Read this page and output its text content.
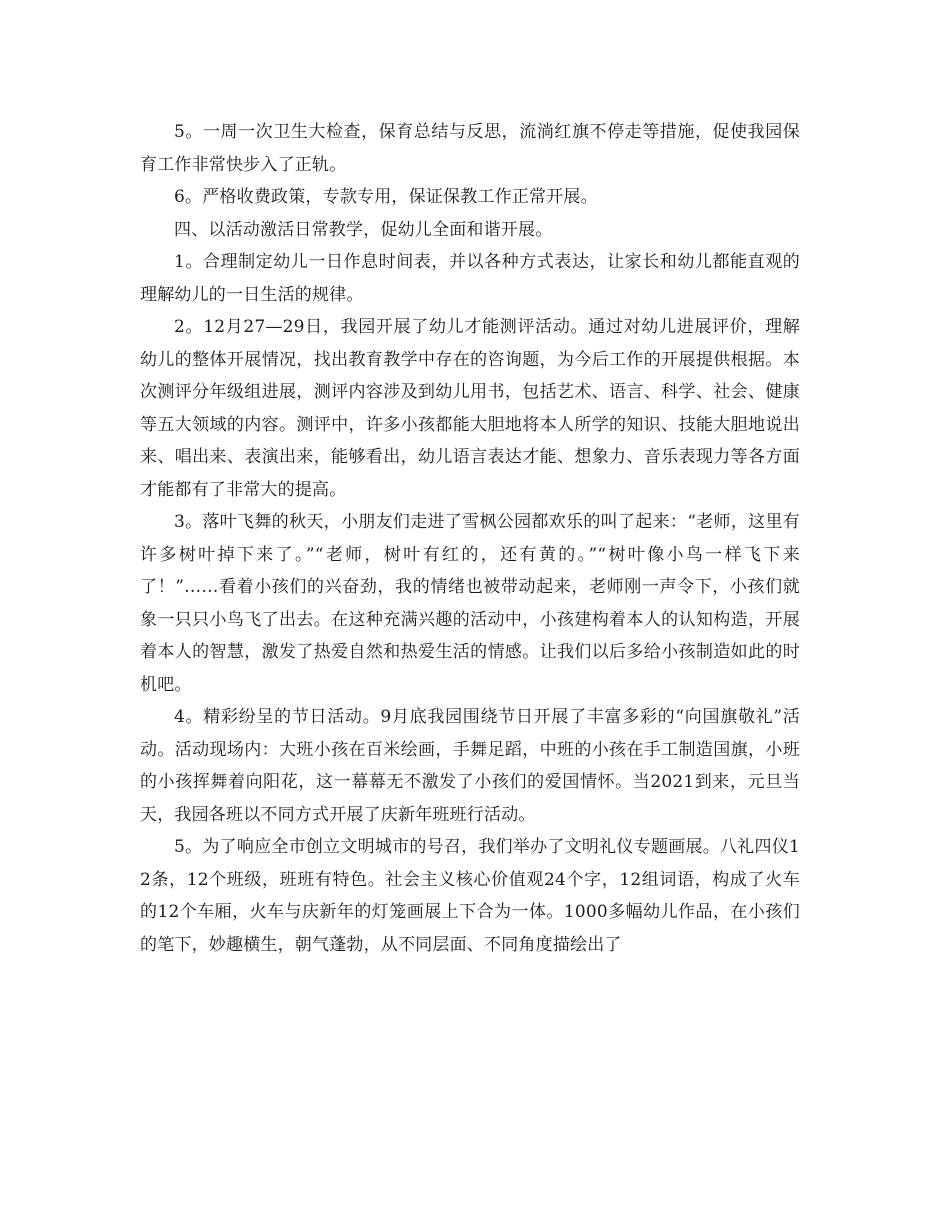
5。一周一次卫生大检查，保育总结与反思，流淌红旗不停走等措施，促使我园保育工作非常快步入了正轨。

6。严格收费政策，专款专用，保证保教工作正常开展。

四、以活动激活日常教学，促幼儿全面和谐开展。

1。合理制定幼儿一日作息时间表，并以各种方式表达，让家长和幼儿都能直观的理解幼儿的一日生活的规律。

2。12月27—29日，我园开展了幼儿才能测评活动。通过对幼儿进展评价，理解幼儿的整体开展情况，找出教育教学中存在的咨询题，为今后工作的开展提供根据。本次测评分年级组进展，测评内容涉及到幼儿用书，包括艺术、语言、科学、社会、健康等五大领域的内容。测评中，许多小孩都能大胆地将本人所学的知识、技能大胆地说出来、唱出来、表演出来，能够看出，幼儿语言表达才能、想象力、音乐表现力等各方面才能都有了非常大的提高。

3。落叶飞舞的秋天，小朋友们走进了雪枫公园都欢乐的叫了起来：“老师，这里有许多树叶掉下来了。”“老师，树叶有红的，还有黄的。”“树叶像小鸟一样飞下来了！”……看着小孩们的兴奋劲，我的情绪也被带动起来，老师刚一声令下，小孩们就象一只只小鸟飞了出去。在这种充满兴趣的活动中，小孩建构着本人的认知构造，开展着本人的智慧，激发了热爱自然和热爱生活的情感。让我们以后多给小孩制造如此的时机吧。

4。精彩纷呈的节日活动。9月底我园围绕节日开展了丰富多彩的“向国旗敬礼”活动。活动现场内：大班小孩在百米绘画，手舞足蹈，中班的小孩在手工制造国旗，小班的小孩挥舞着向阳花，这一幕幕无不激发了小孩们的爱国情怀。当2021到来，元旦当天，我园各班以不同方式开展了庆新年班班行活动。

5。为了响应全市创立文明城市的号召，我们举办了文明礼仪专题画展。八礼四仪12条，12个班级，班班有特色。社会主义核心价值观24个字，12组词语，构成了火车的12个车厢，火车与庆新年的灯笼画展上下合为一体。1000多幅幼儿作品，在小孩们的笔下，妙趣横生，朝气蓬勃，从不同层面、不同角度描绘出了
